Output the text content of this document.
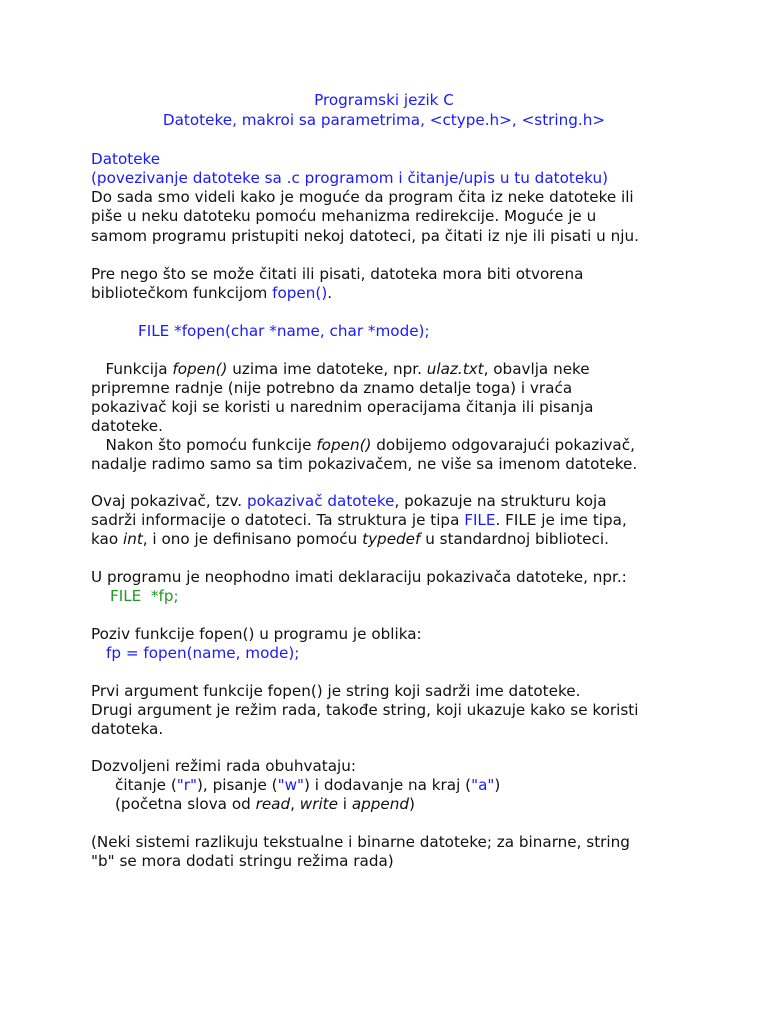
Programski jezik C
Datoteke, makroi sa parametrima, <ctype.h>, <string.h>
Datoteke
(povezivanje datoteke sa .c programom i čitanje/upis u tu datoteku)
Do sada smo videli kako je moguće da program čita iz neke datoteke ili
piše u neku datoteku pomoću mehanizma redirekcije. Moguće je u
samom programu pristupiti nekoj datoteci, pa čitati iz nje ili pisati u nju.
Pre nego što se može čitati ili pisati, datoteka mora biti otvorena
bibliotečkom funkcijom fopen().
FILE *fopen(char *name, char *mode);
Funkcija fopen() uzima ime datoteke, npr. ulaz.txt, obavlja neke
pripremne radnje (nije potrebno da znamo detalje toga) i vraća
pokazivač koji se koristi u narednim operacijama čitanja ili pisanja
datoteke.
Nakon što pomoću funkcije fopen() dobijemo odgovarajući pokazivač,
nadalje radimo samo sa tim pokazivačem, ne više sa imenom datoteke.
Ovaj pokazivač, tzv. pokazivač datoteke, pokazuje na strukturu koja
sadrži informacije o datoteci. Ta struktura je tipa FILE. FILE je ime tipa,
kao int, i ono je definisano pomoću typedef u standardnoj biblioteci.
U programu je neophodno imati deklaraciju pokazivača datoteke, npr.:
FILE  *fp;
Poziv funkcije fopen() u programu je oblika:
fp = fopen(name, mode);
Prvi argument funkcije fopen() je string koji sadrži ime datoteke.
Drugi argument je režim rada, takođe string, koji ukazuje kako se koristi
datoteka.
Dozvoljeni režimi rada obuhvataju:
čitanje ("r"), pisanje ("w") i dodavanje na kraj ("a")
(početna slova od read, write i append)
(Neki sistemi razlikuju tekstualne i binarne datoteke; za binarne, string
"b" se mora dodati stringu režima rada)
